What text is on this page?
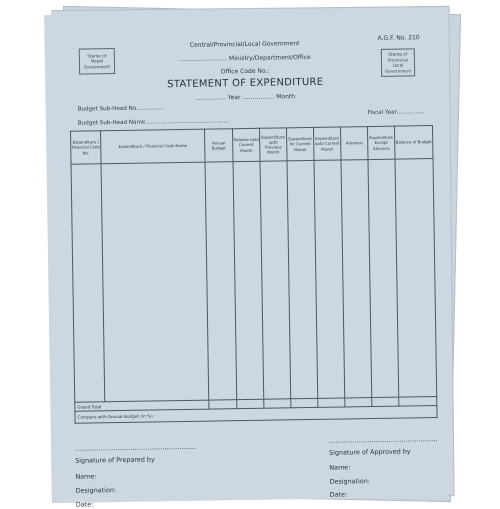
Stamp of Nepal Government
A.G.F. No. 210
Stamp of Provincial Local Government
Central/Provincial/Local Government
…………………… Ministry/Department/Office
Office Code No.:
STATEMENT OF EXPENDITURE
…………… Year ……………. Month
Budget Sub-Head No……………	Fiscal Year……………
Budget Sub-Head Name………………………………………
Expenditure / Financial Code No.	Expenditure / Financial Code Name	Annual Budget	Release upto Current Month	Expenditure upto Previous Month	Expenditure for Current Month	Expenditure upto Current Month	Advance	Expenditure Except Advance	Balance of Budget

Grand Total									
Compare with Annual Budget (In %)									
…………………………………………………
Signature of Prepared by
Name:
Designation:
Date:
……………………………………………
Signature of Approved by
Name:
Designation:
Date:
